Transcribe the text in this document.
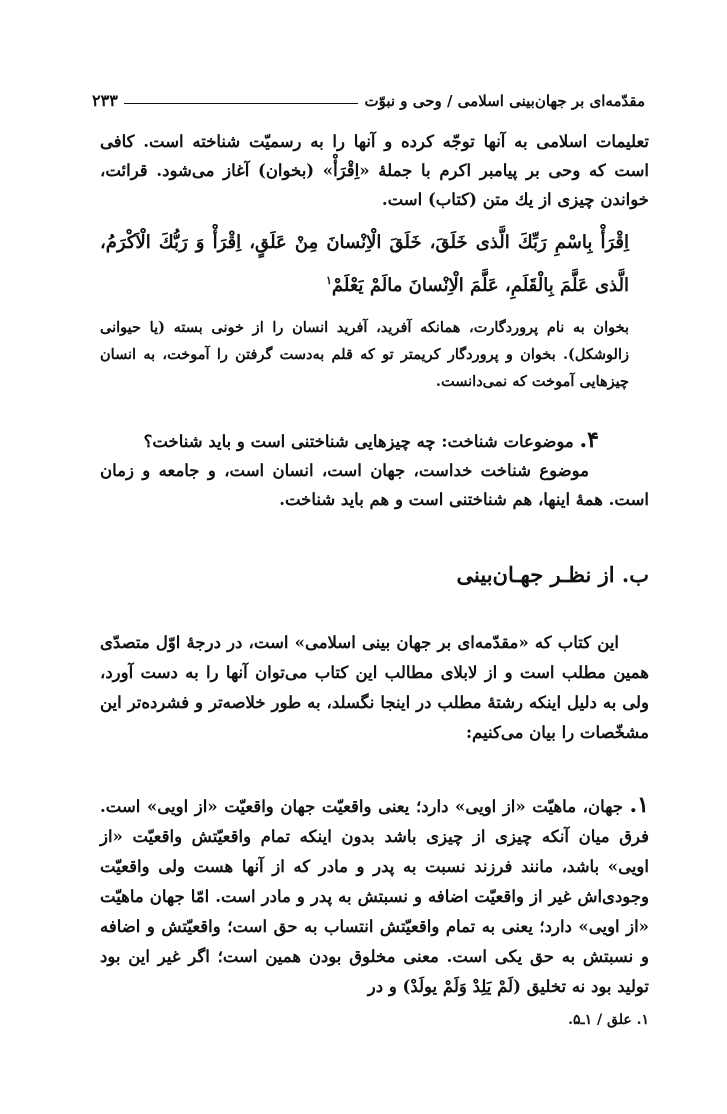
مقدّمه‌ای بر جهان‌بینی اسلامی / وحی و نبوّت
۲۳۳

تعلیمات اسلامی به آنها توجّه کرده و آنها را به رسمیّت شناخته است. کافی است که وحی بر پیامبر اکرم با جملهٔ «اِقْرَأْ» (بخوان) آغاز می‌شود. قرائت، خواندن چیزی از یك متن (کتاب) است.

اِقْرَأْ بِاسْمِ رَبِّكَ الَّذی خَلَقَ، خَلَقَ الْاِنْسانَ مِنْ عَلَقٍ، اِقْرَأْ وَ رَبُّكَ الْاَكْرَمُ، الَّذی عَلَّمَ بِالْقَلَمِ، عَلَّمَ الْاِنْسانَ مالَمْ یَعْلَمْ$^۱$

بخوان به نام پروردگارت، همانکه آفرید، آفرید انسان را از خونی بسته (یا حیوانی زالوشکل). بخوان و پروردگار کریمتر تو که قلم به‌دست گرفتن را آموخت، به انسان چیزهایی آموخت که نمی‌دانست.

۴. موضوعات شناخت: چه چیزهایی شناختنی است و باید شناخت؟

موضوع شناخت خداست، جهان است، انسان است، و جامعه و زمان است. همهٔ اینها، هم شناختنی است و هم باید شناخت.

ب. از نظـر جهـان‌بینی

این کتاب که «مقدّمه‌ای بر جهان بینی اسلامی» است، در درجهٔ اوّل متصدّی همین مطلب است و از لابلای مطالب این کتاب می‌توان آنها را به دست آورد، ولی به دلیل اینکه رشتهٔ مطلب در اینجا نگسلد، به طور خلاصه‌تر و فشرده‌تر این مشخّصات را بیان می‌کنیم:

۱. جهان، ماهیّت «از اویی» دارد؛ یعنی واقعیّت جهان واقعیّت «از اویی» است. فرق میان آنکه چیزی از چیزی باشد بدون اینکه تمام واقعیّتش واقعیّت «از اویی» باشد، مانند فرزند نسبت به پدر و مادر که از آنها هست ولی واقعیّت وجودی‌اش غیر از واقعیّت اضافه و نسبتش به پدر و مادر است. امّا جهان ماهیّت «از اویی» دارد؛ یعنی به تمام واقعیّتش انتساب به حق است؛ واقعیّتش و اضافه و نسبتش به حق یکی است. معنی مخلوق بودن همین است؛ اگر غیر این بود تولید بود نه تخلیق (لَمْ یَلِدْ وَلَمْ یولَدْ) و در

۱. علق / ۱ـ۵.
